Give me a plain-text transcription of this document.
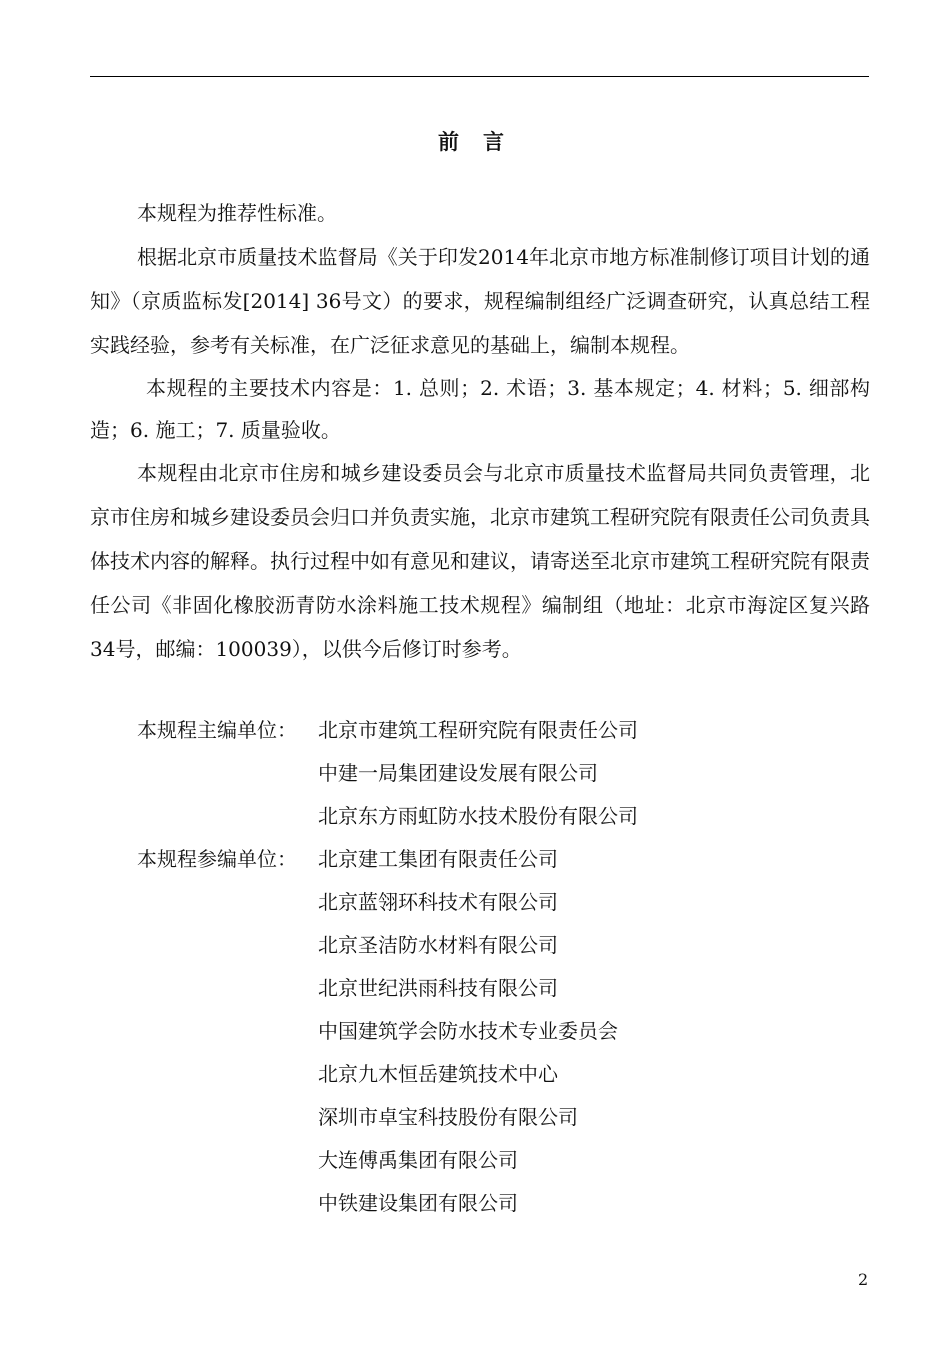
前言

本规程为推荐性标准。

根据北京市质量技术监督局《关于印发2014年北京市地方标准制修订项目计划的通知》（京质监标发[2014] 36号文）的要求，规程编制组经广泛调查研究，认真总结工程实践经验，参考有关标准，在广泛征求意见的基础上，编制本规程。

本规程的主要技术内容是：1. 总则；2. 术语；3. 基本规定；4. 材料；5. 细部构造；6. 施工；7. 质量验收。

本规程由北京市住房和城乡建设委员会与北京市质量技术监督局共同负责管理，北京市住房和城乡建设委员会归口并负责实施，北京市建筑工程研究院有限责任公司负责具体技术内容的解释。执行过程中如有意见和建议，请寄送至北京市建筑工程研究院有限责任公司《非固化橡胶沥青防水涂料施工技术规程》编制组（地址：北京市海淀区复兴路34号，邮编：100039），以供今后修订时参考。

本规程主编单位：	北京市建筑工程研究院有限责任公司
中建一局集团建设发展有限公司
北京东方雨虹防水技术股份有限公司
本规程参编单位：	北京建工集团有限责任公司
北京蓝翎环科技术有限公司
北京圣洁防水材料有限公司
北京世纪洪雨科技有限公司
中国建筑学会防水技术专业委员会
北京九木恒岳建筑技术中心
深圳市卓宝科技股份有限公司
大连傅禹集团有限公司
中铁建设集团有限公司
2
